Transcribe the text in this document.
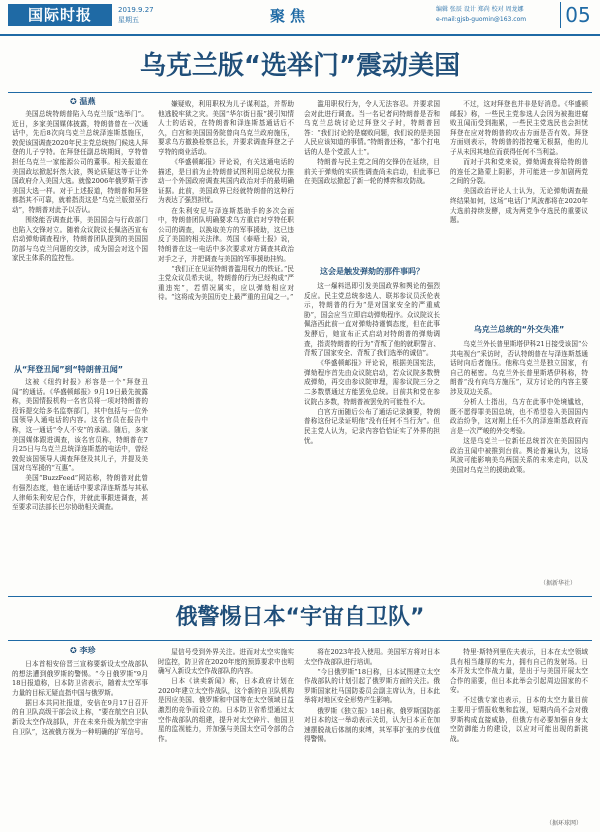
国际时报	2019.9.27
星期五	聚焦	编辑 张辰 设计 郑尚 校对 周龙娜
e-mail:gjsb-guomin@163.com	05
乌克兰版“选举门”震动美国
✪ 温燕

美国总统特朗普陷入乌克兰版“选举门”。近日，多家美国媒体披露，特朗普曾在一次通话中，先后8次向乌克兰总统泽连斯基施压，敦促该国调查2020年民主党总统热门候选人拜登的儿子亨特。在拜登任副总统期间，亨特曾担任乌克兰一家能源公司的董事。相关报道在美国政坛掀起轩然大波，舆论质疑这等于让外国政府介入美国大选。就像2006年俄罗斯干涉美国大选一样。对于上述报道，特朗普和拜登都指其不可靠，就着指责这是“乌克兰版猎巫行动”，特朗普对此予以否认。

围绕能否调查此事，美国国会与行政部门也陷入交锋对立。随着众议院议长佩洛西宣布启动弹劾调查程序，特朗普团队提到的美国国防部与乌克兰问题的交涉，成为国会对这个国家民主体系的监控性。

从“拜登丑闻”到“特朗普丑闻”

这被《纽约时报》形容是一个“拜登丑闻”的通话。《华盛顿邮报》9月19日最先披露称，美国情报机构一名官员将一项对特朗普的投诉提交给多名监察部门，其中包括与一位外国领导人通电话的内容。这名官员在报告中称，这一通话“令人不安”的承诺。随后，多家美国媒体跟进调查，该名官员称，特朗普在7月25日与乌克兰总统泽连斯基的电话中，曾经敦促该国领导人调查拜登及其儿子，并提及美国对乌军援的“互惠”。

美国“BuzzFeed”网站称，特朗普对此曾有强烈态度，他在通话中要求泽连斯基与其私人律师朱利安尼合作，并就此事跟进调查，甚至要求司法部长巴尔协助相关调查。

嫌疑败，利用职权为儿子谋利益，并帮助他逃脱牢狱之灾。美国“华尔街日报”援引知情人士的话说，在特朗普和泽连斯基通话后不久，白宫和美国国务院曾向乌克兰政府施压，要求乌方撤换检察总长，并要求调查拜登之子亨特的商业活动。

《华盛顿邮报》评论说，有关这通电话的描述，是目前为止特朗普试图利用总统权力推动一个外国政府调查其国内政治对手的最明确证据。此前，美国政界已经就特朗普的这种行为表达了强烈担忧。

在朱利安尼与泽连斯基助手的多次会面中，特朗普团队明确要求乌方重启对亨特任职公司的调查，以换取美方的军事援助，这已违反了美国的相关法律。英国《泰晤士报》说，特朗普在这一电话中多次要求对方调查其政治对手之子，并把调查与美国的军事援助挂钩。

“我们正在见证特朗普滥用权力的铁证。”民主党众议员希夫说，特朗普的行为已经构成“严重违宪”，若情况属实，应以弹劾相应对待。“这将成为美国历史上最严重的丑闻之一。”

滥用职权行为，令人无法容忍。并要求国会对此进行调查。当一名记者问特朗普是否和乌克兰总统讨论过拜登父子时，特朗普回答：“我们讨论的是腐败问题，我们说的是美国人民应该知道的事情。”特朗普还称，“那个打电话的人是个党派人士”。

特朗普与民主党之间的交锋仍在延续，目前关于弹劾的实质性调查尚未启动，但此事已在美国政坛掀起了新一轮的博弈和攻防战。

这会是触发弹劾的那件事吗？

这一爆料迅即引发美国政界和舆论的强烈反应。民主党总统参选人、联邦参议员沃伦表示，特朗普的行为“是对国家安全的严重威胁”，国会应当立即启动弹劾程序。众议院议长佩洛西此前一直对弹劾持谨慎态度，但在此事发酵后，她宣布正式启动对特朗普的弹劾调查，指责特朗普的行为“背叛了他的就职誓言、背叛了国家安全、背叛了我们选举的诚信”。

《华盛顿邮报》评论说，根据美国宪法，弹劾程序首先由众议院启动，若众议院多数赞成弹劾，再交由参议院审理，需参议院三分之二多数票通过方能罢免总统。目前共和党在参议院占多数，特朗普被罢免的可能性不大。

白宫方面随后公布了通话记录摘要，特朗普称这份记录证明他“没有任何不当行为”。但民主党人认为，记录内容恰恰证实了外界的担忧。

不过，这对拜登也并非是好消息。《华盛顿邮报》称，一些民主党参选人会因为被拖进腐败丑闻而受到拖累，一些民主党选民也会担忧拜登在应对特朗普的攻击方面是否有效。拜登方面则表示，特朗普的指控毫无根据，他的儿子从未因其地位而获得任何不当利益。

而对于共和党来说，弹劾调查将给特朗普的连任之路蒙上阴影，并可能进一步加剧两党之间的分裂。

美国政治评论人士认为，无论弹劾调查最终结果如何，这场“电话门”风波都将在2020年大选前持续发酵，成为两党争夺选民的重要议题。

乌克兰总统的“外交失准”

乌克兰外长普里斯塔伊科21日接受该国“公共电视台”采访时，否认特朗普在与泽连斯基通话时向后者施压。他称乌克兰是独立国家，有自己的秘密。乌克兰外长普里斯塔伊科称，特朗普“没有向乌方施压”，双方讨论的内容主要涉及双边关系。

分析人士指出，乌方在此事中处境尴尬，既不愿得罪美国总统，也不希望卷入美国国内政治纷争，这对刚上任不久的泽连斯基政府而言是一次严峻的外交考验。

这是乌克兰一位新任总统首次在美国国内政治丑闻中被推到台前。舆论普遍认为，这场风波可能影响美乌两国关系的未来走向，以及美国对乌克兰的援助政策。

（据新华社）
俄警惕日本“宇宙自卫队”
✪ 李珍

日本首相安倍晋三宣称要新设太空战部队的想法遭到俄罗斯的警惕。“今日俄罗斯”9月18日报道称，日本防卫省表示，随着太空军事力量的目标无疑直指中国与俄罗斯。

据日本共同社报道，安倍在9月17日召开的自卫队高级干部会议上称，“要在航空自卫队新设太空作战部队，并在未来升级为航空宇宙自卫队”，这被俄方视为一种明确的扩军信号。

屋信号受到外界关注。进而对太空实施实时监控，防卫省在2020年度的预算要求中也明确写入新设太空作战部队的内容。

日本《读卖新闻》称，日本政府计划在2020年建立太空作战队，这个新的自卫队机构是因应美国、俄罗斯和中国等在太空领域日益激烈的竞争而设立的。日本防卫省希望通过太空作战部队的组建，提升对太空碎片、他国卫星的监视能力，并加强与美国太空司令部的合作。

将在2023年投入使用。美国军方将对日本太空作战部队进行培训。

“今日俄罗斯”18日称，日本试图建立太空作战部队的计划引起了俄罗斯方面的关注。俄罗斯国家杜马国防委员会副主席认为，日本此举将对地区安全形势产生影响。

俄罗斯《独立报》18日称，俄罗斯国防部对日本的这一举动表示关切，认为日本正在加速摆脱战后体制的束缚，其军事扩张的步伐值得警惕。

特里·斯特列里佐夫表示，日本在太空领域具有相当雄厚的实力，拥有自己的发射场。日本开发太空作战力量，是出于与美国开展太空合作的需要，但日本此举会引起周边国家的不安。

不过俄专家也表示，日本的太空力量目前主要用于情报收集和监视，短期内尚不会对俄罗斯构成直接威胁，但俄方有必要加强自身太空防御能力的建设，以应对可能出现的新挑战。

（据环球网）
